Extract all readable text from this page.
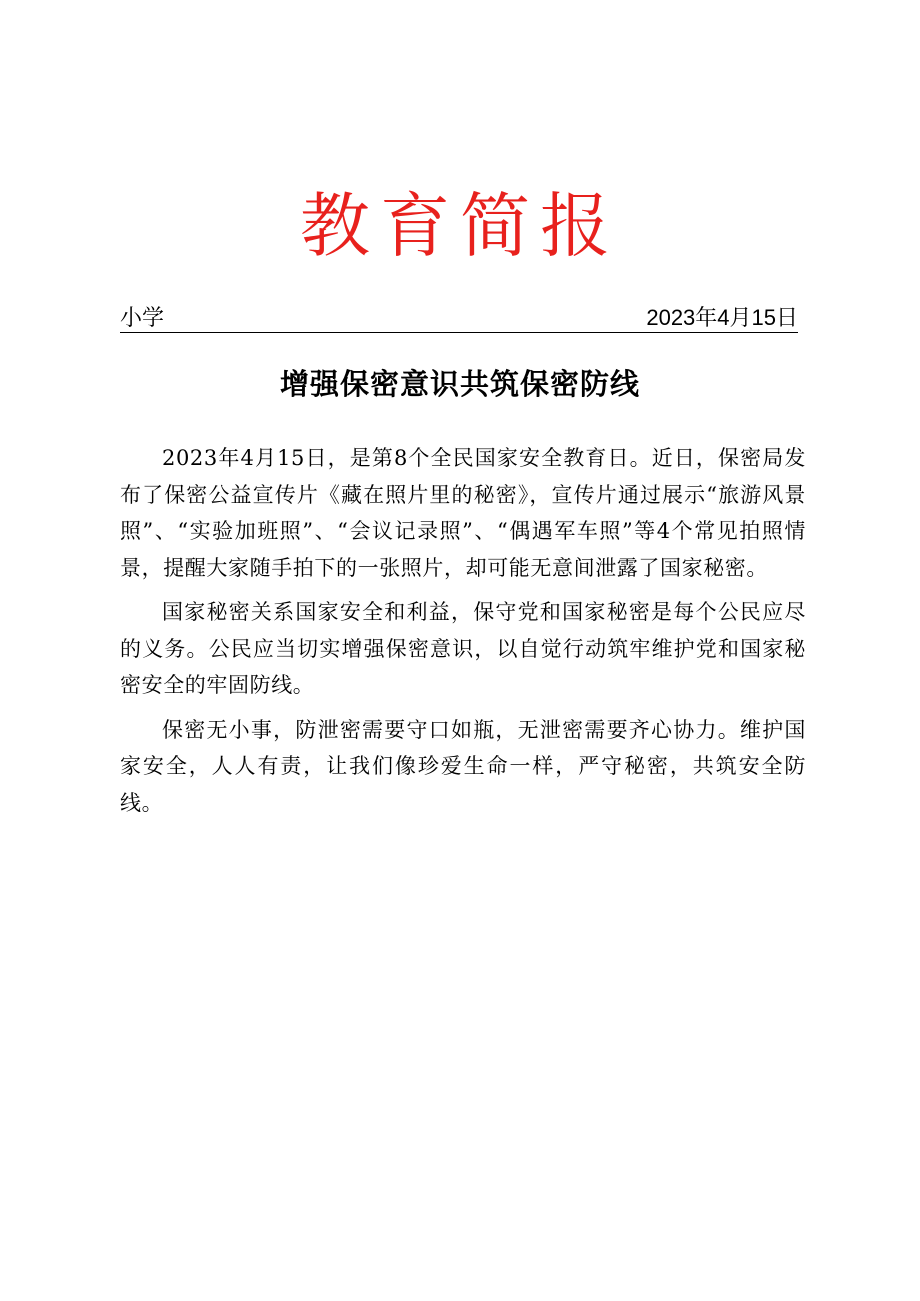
教育简报
小学	2023年4月15日
增强保密意识共筑保密防线

2023年4月15日，是第8个全民国家安全教育日。近日，保密局发布了保密公益宣传片《藏在照片里的秘密》，宣传片通过展示“旅游风景照”、“实验加班照”、“会议记录照”、“偶遇军车照”等4个常见拍照情景，提醒大家随手拍下的一张照片，却可能无意间泄露了国家秘密。

国家秘密关系国家安全和利益，保守党和国家秘密是每个公民应尽的义务。公民应当切实增强保密意识，以自觉行动筑牢维护党和国家秘密安全的牢固防线。

保密无小事，防泄密需要守口如瓶，无泄密需要齐心协力。维护国家安全，人人有责，让我们像珍爱生命一样，严守秘密，共筑安全防线。
